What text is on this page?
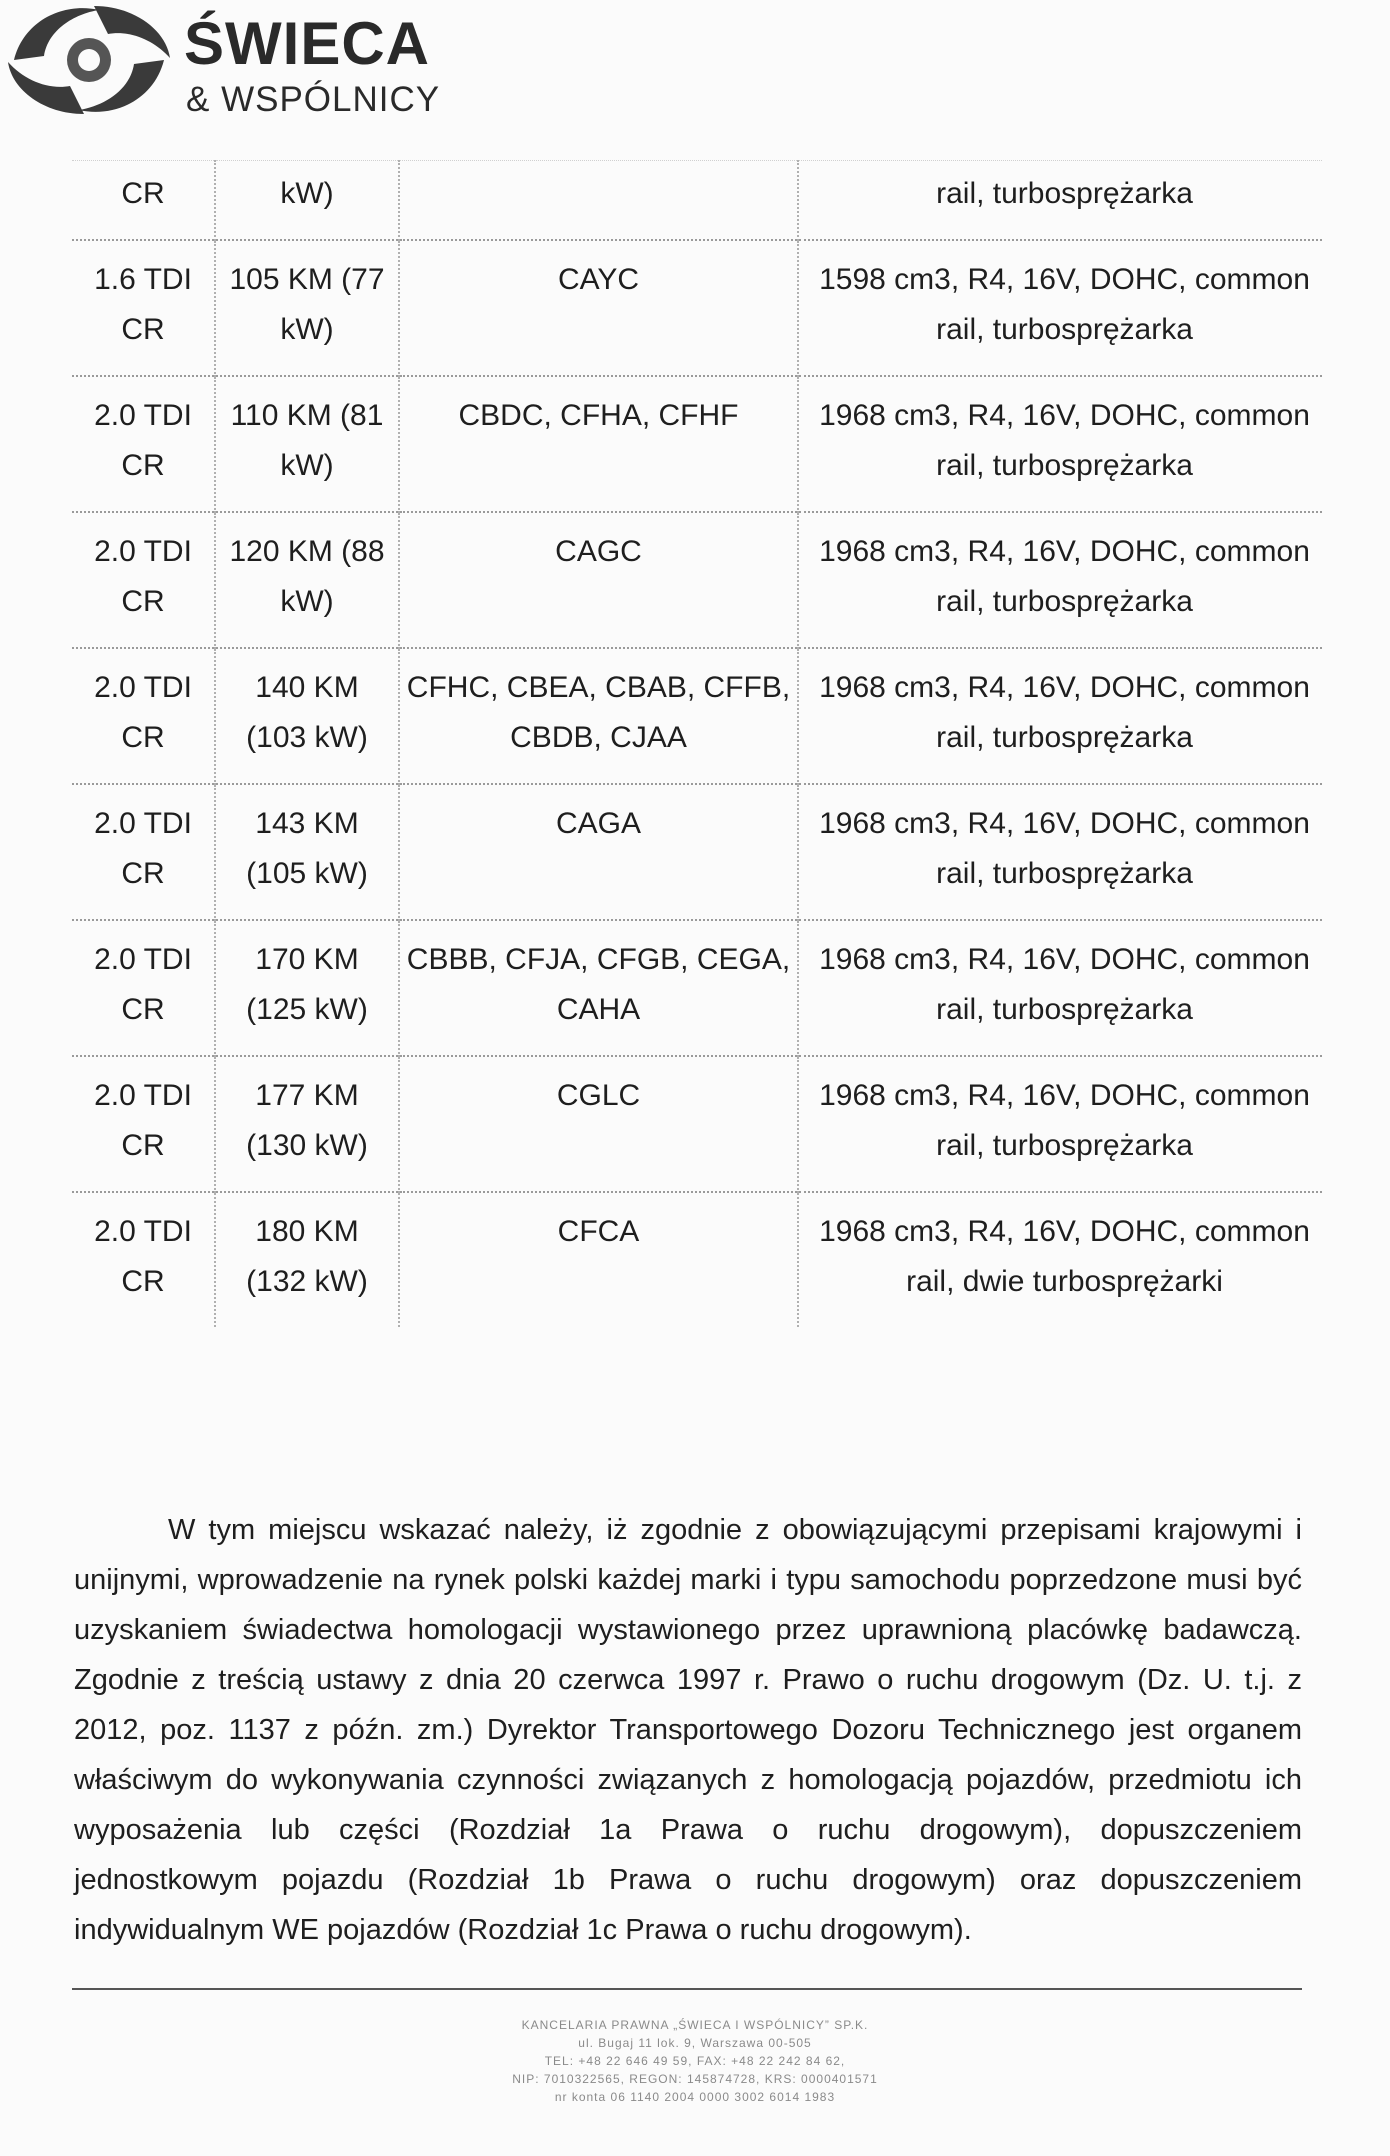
ŚWIECA
& WSPÓLNICY
CR	kW)		rail, turbosprężarka
1.6 TDI CR	105 KM (77 kW)	CAYC	1598 cm3, R4, 16V, DOHC, common rail, turbosprężarka
2.0 TDI CR	110 KM (81 kW)	CBDC, CFHA, CFHF	1968 cm3, R4, 16V, DOHC, common rail, turbosprężarka
2.0 TDI CR	120 KM (88 kW)	CAGC	1968 cm3, R4, 16V, DOHC, common rail, turbosprężarka
2.0 TDI CR	140 KM (103 kW)	CFHC, CBEA, CBAB, CFFB, CBDB, CJAA	1968 cm3, R4, 16V, DOHC, common rail, turbosprężarka
2.0 TDI CR	143 KM (105 kW)	CAGA	1968 cm3, R4, 16V, DOHC, common rail, turbosprężarka
2.0 TDI CR	170 KM (125 kW)	CBBB, CFJA, CFGB, CEGA, CAHA	1968 cm3, R4, 16V, DOHC, common rail, turbosprężarka
2.0 TDI CR	177 KM (130 kW)	CGLC	1968 cm3, R4, 16V, DOHC, common rail, turbosprężarka
2.0 TDI CR	180 KM (132 kW)	CFCA	1968 cm3, R4, 16V, DOHC, common rail, dwie turbosprężarki

W tym miejscu wskazać należy, iż zgodnie z obowiązującymi przepisami krajowymi i unijnymi, wprowadzenie na rynek polski każdej marki i typu samochodu poprzedzone musi być uzyskaniem świadectwa homologacji wystawionego przez uprawnioną placówkę badawczą. Zgodnie z treścią ustawy z dnia 20 czerwca 1997 r. Prawo o ruchu drogowym (Dz. U. t.j. z 2012, poz. 1137 z późn. zm.) Dyrektor Transportowego Dozoru Technicznego jest organem właściwym do wykonywania czynności związanych z homologacją pojazdów, przedmiotu ich wyposażenia lub części (Rozdział 1a Prawa o ruchu drogowym), dopuszczeniem jednostkowym pojazdu (Rozdział 1b Prawa o ruchu drogowym) oraz dopuszczeniem indywidualnym WE pojazdów (Rozdział 1c Prawa o ruchu drogowym).

KANCELARIA PRAWNA „ŚWIECA I WSPÓLNICY” SP.K.
ul. Bugaj 11 lok. 9, Warszawa 00-505
TEL: +48 22 646 49 59, FAX: +48 22 242 84 62,
NIP: 7010322565, REGON: 145874728, KRS: 0000401571
nr konta 06 1140 2004 0000 3002 6014 1983
